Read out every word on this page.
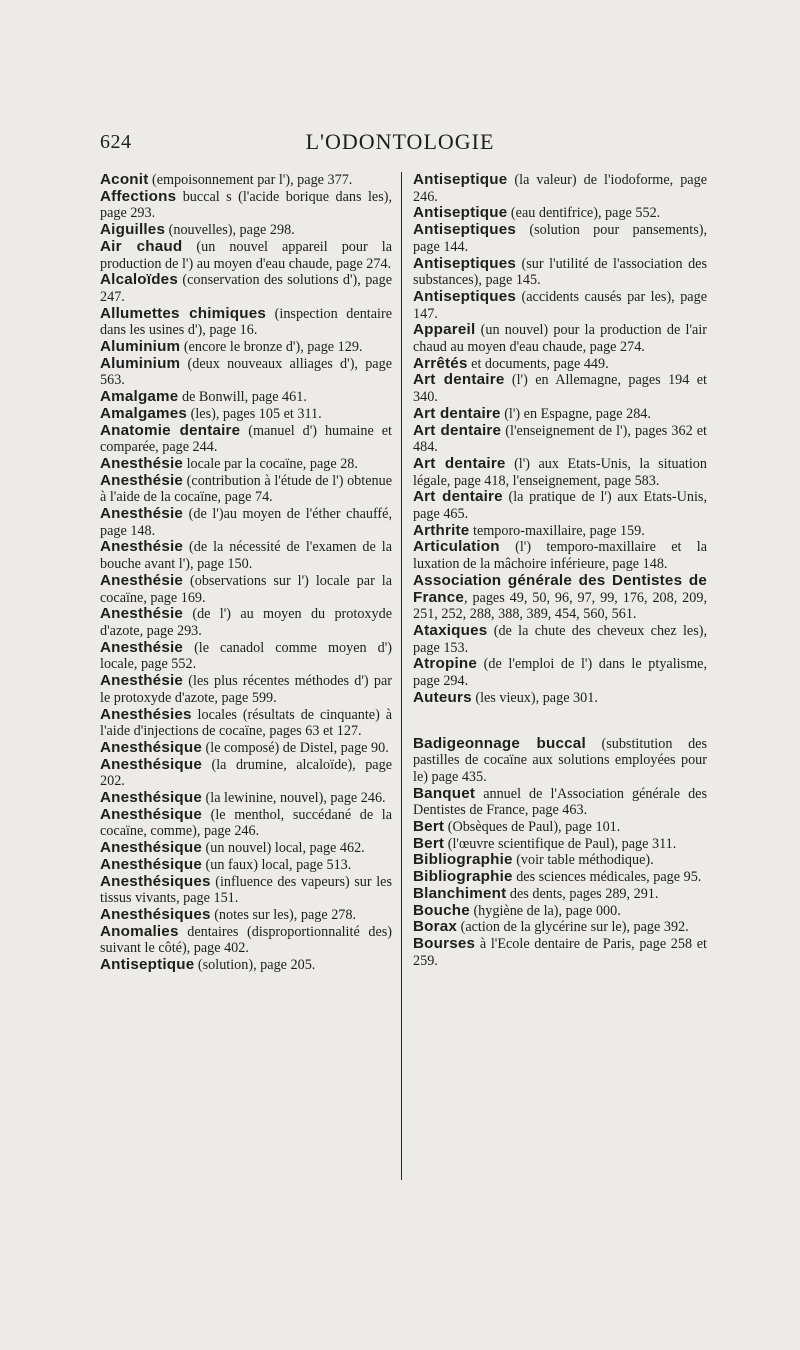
624	L'ODONTOLOGIE

Aconit (empoisonnement par l'), page 377.

Affections buccal s (l'acide borique dans les), page 293.

Aiguilles (nouvelles), page 298.

Air chaud (un nouvel appareil pour la production de l') au moyen d'eau chaude, page 274.

Alcaloïdes (conservation des solutions d'), page 247.

Allumettes chimiques (inspection dentaire dans les usines d'), page 16.

Aluminium (encore le bronze d'), page 129.

Aluminium (deux nouveaux alliages d'), page 563.

Amalgame de Bonwill, page 461.

Amalgames (les), pages 105 et 311.

Anatomie dentaire (manuel d') humaine et comparée, page 244.

Anesthésie locale par la cocaïne, page 28.

Anesthésie (contribution à l'étude de l') obtenue à l'aide de la cocaïne, page 74.

Anesthésie (de l')au moyen de l'éther chauffé, page 148.

Anesthésie (de la nécessité de l'examen de la bouche avant l'), page 150.

Anesthésie (observations sur l') locale par la cocaïne, page 169.

Anesthésie (de l') au moyen du protoxyde d'azote, page 293.

Anesthésie (le canadol comme moyen d') locale, page 552.

Anesthésie (les plus récentes méthodes d') par le protoxyde d'azote, page 599.

Anesthésies locales (résultats de cinquante) à l'aide d'injections de cocaïne, pages 63 et 127.

Anesthésique (le composé) de Distel, page 90.

Anesthésique (la drumine, alcaloïde), page 202.

Anesthésique (la lewinine, nouvel), page 246.

Anesthésique (le menthol, succédané de la cocaïne, comme), page 246.

Anesthésique (un nouvel) local, page 462.

Anesthésique (un faux) local, page 513.

Anesthésiques (influence des vapeurs) sur les tissus vivants, page 151.

Anesthésiques (notes sur les), page 278.

Anomalies dentaires (disproportionnalité des) suivant le côté), page 402.

Antiseptique (solution), page 205.

Antiseptique (la valeur) de l'iodoforme, page 246.

Antiseptique (eau dentifrice), page 552.

Antiseptiques (solution pour pansements), page 144.

Antiseptiques (sur l'utilité de l'association des substances), page 145.

Antiseptiques (accidents causés par les), page 147.

Appareil (un nouvel) pour la production de l'air chaud au moyen d'eau chaude, page 274.

Arrêtés et documents, page 449.

Art dentaire (l') en Allemagne, pages 194 et 340.

Art dentaire (l') en Espagne, page 284.

Art dentaire (l'enseignement de l'), pages 362 et 484.

Art dentaire (l') aux Etats-Unis, la situation légale, page 418, l'enseignement, page 583.

Art dentaire (la pratique de l') aux Etats-Unis, page 465.

Arthrite temporo-maxillaire, page 159.

Articulation (l') temporo-maxillaire et la luxation de la mâchoire inférieure, page 148.

Association générale des Dentistes de France, pages 49, 50, 96, 97, 99, 176, 208, 209, 251, 252, 288, 388, 389, 454, 560, 561.

Ataxiques (de la chute des cheveux chez les), page 153.

Atropine (de l'emploi de l') dans le ptyalisme, page 294.

Auteurs (les vieux), page 301.

Badigeonnage buccal (substitution des pastilles de cocaïne aux solutions employées pour le) page 435.

Banquet annuel de l'Association générale des Dentistes de France, page 463.

Bert (Obsèques de Paul), page 101.

Bert (l'œuvre scientifique de Paul), page 311.

Bibliographie (voir table méthodique).

Bibliographie des sciences médicales, page 95.

Blanchiment des dents, pages 289, 291.

Bouche (hygiène de la), page 000.

Borax (action de la glycérine sur le), page 392.

Bourses à l'Ecole dentaire de Paris, page 258 et 259.
